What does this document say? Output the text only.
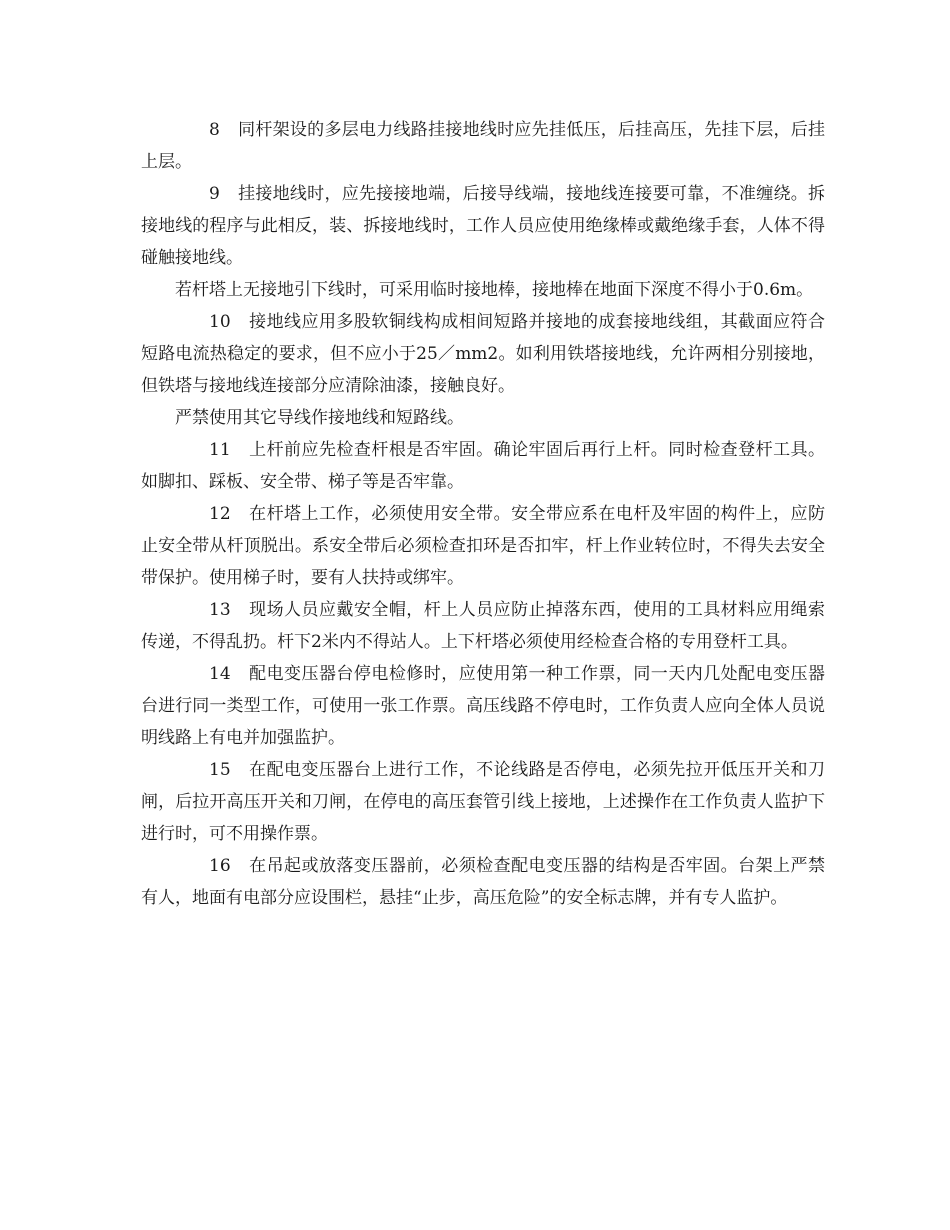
8 同杆架设的多层电力线路挂接地线时应先挂低压，后挂高压，先挂下层，后挂上层。

9 挂接地线时，应先接接地端，后接导线端，接地线连接要可靠，不准缠绕。拆接地线的程序与此相反，装、拆接地线时，工作人员应使用绝缘棒或戴绝缘手套，人体不得碰触接地线。

若杆塔上无接地引下线时，可采用临时接地棒，接地棒在地面下深度不得小于0.6m。

10 接地线应用多股软铜线构成相间短路并接地的成套接地线组，其截面应符合短路电流热稳定的要求，但不应小于25／mm2。如利用铁塔接地线，允许两相分别接地，但铁塔与接地线连接部分应清除油漆，接触良好。

严禁使用其它导线作接地线和短路线。

11 上杆前应先检查杆根是否牢固。确论牢固后再行上杆。同时检查登杆工具。如脚扣、踩板、安全带、梯子等是否牢靠。

12 在杆塔上工作，必须使用安全带。安全带应系在电杆及牢固的构件上，应防止安全带从杆顶脱出。系安全带后必须检查扣环是否扣牢，杆上作业转位时，不得失去安全带保护。使用梯子时，要有人扶持或绑牢。

13 现场人员应戴安全帽，杆上人员应防止掉落东西，使用的工具材料应用绳索传递，不得乱扔。杆下2米内不得站人。上下杆塔必须使用经检查合格的专用登杆工具。

14 配电变压器台停电检修时，应使用第一种工作票，同一天内几处配电变压器台进行同一类型工作，可使用一张工作票。高压线路不停电时，工作负责人应向全体人员说明线路上有电并加强监护。

15 在配电变压器台上进行工作，不论线路是否停电，必须先拉开低压开关和刀闸，后拉开高压开关和刀闸，在停电的高压套管引线上接地，上述操作在工作负责人监护下进行时，可不用操作票。

16 在吊起或放落变压器前，必须检查配电变压器的结构是否牢固。台架上严禁有人，地面有电部分应设围栏，悬挂“止步，高压危险”的安全标志牌，并有专人监护。
